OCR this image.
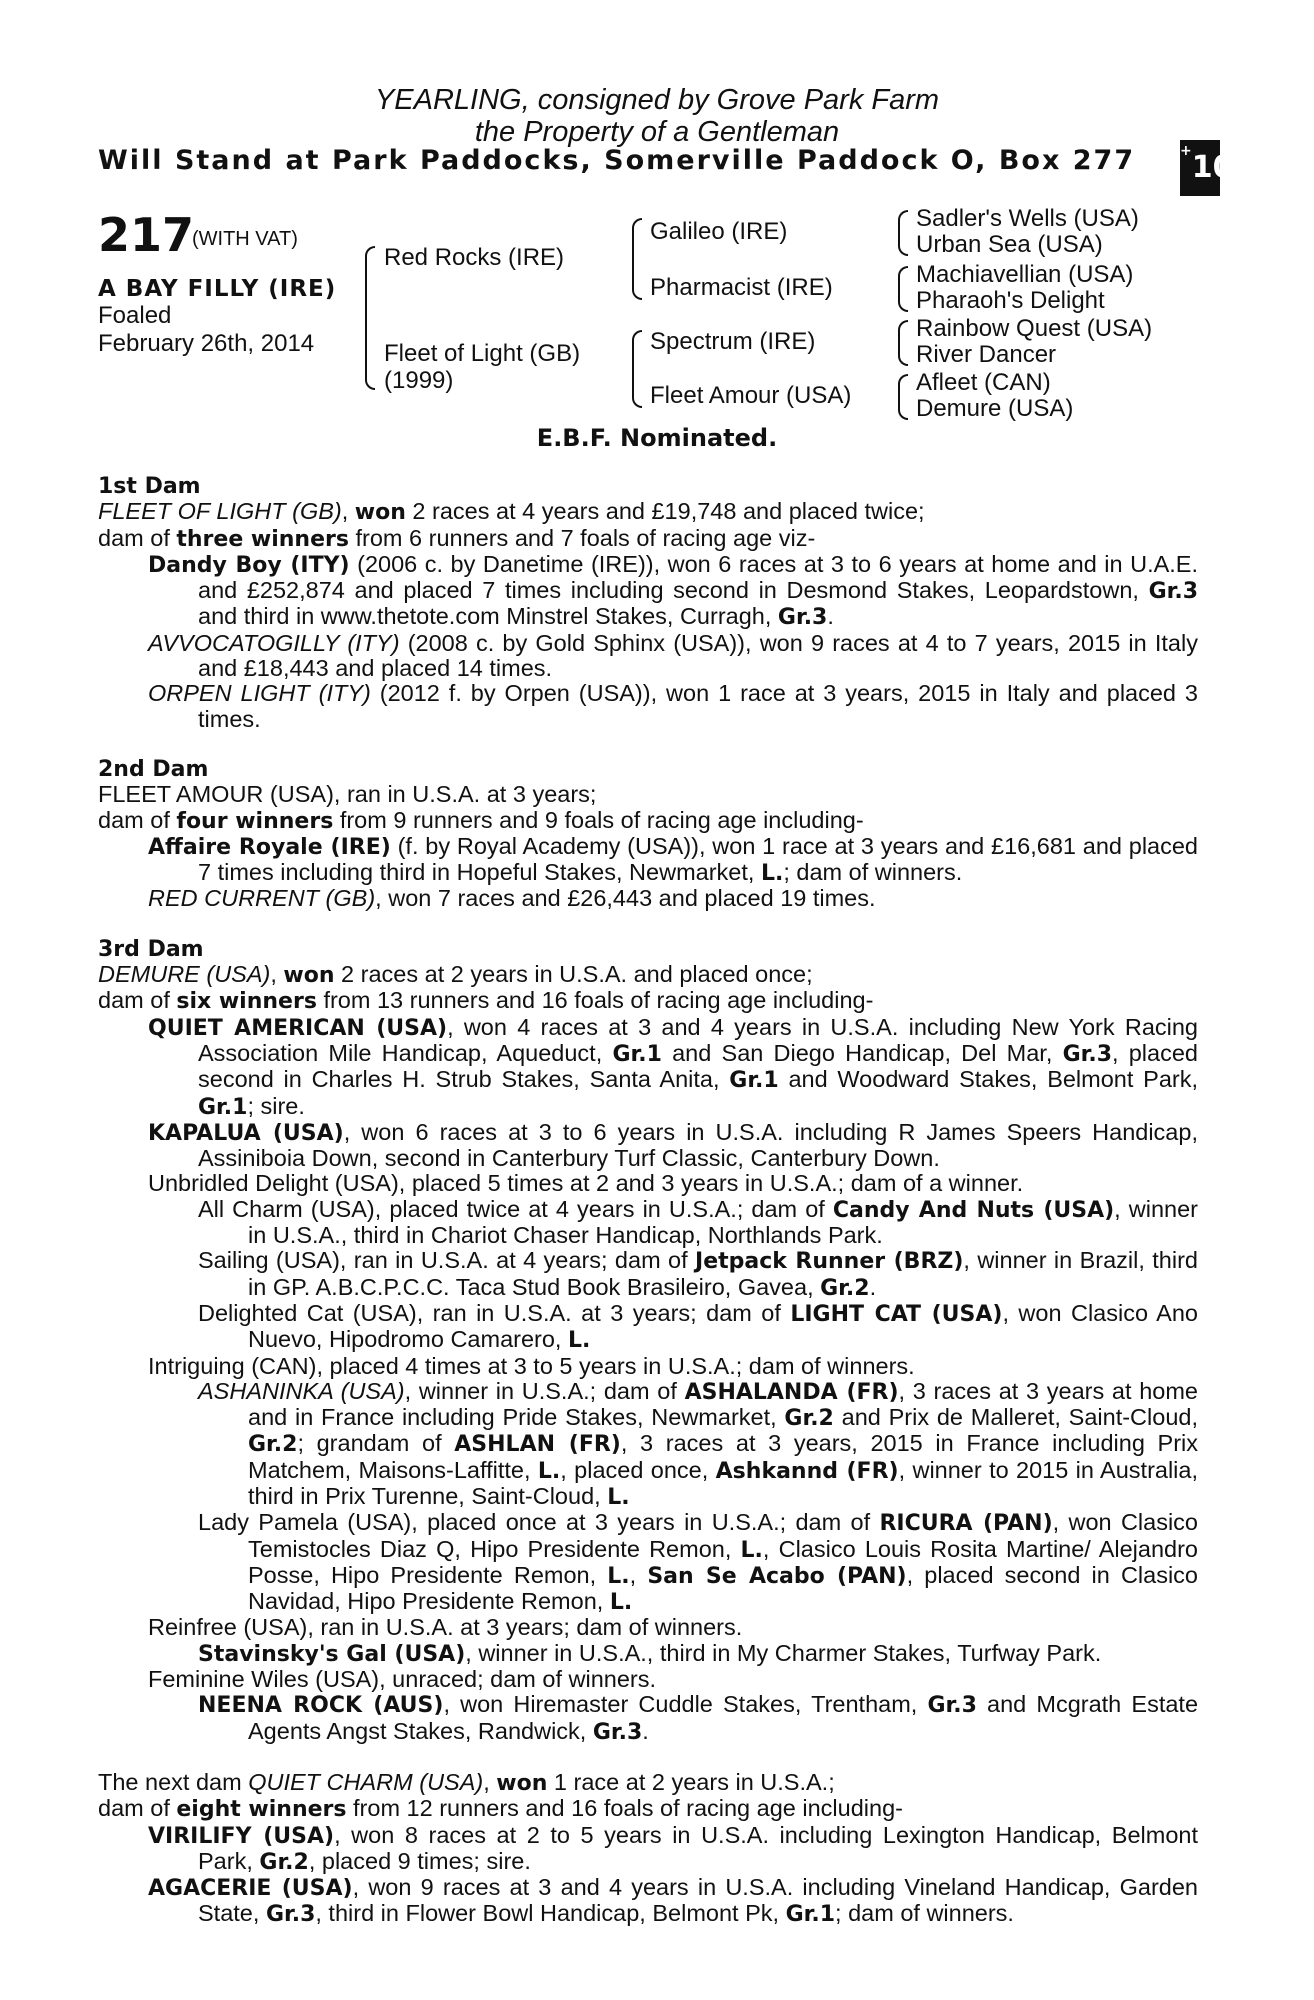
YEARLING, consigned by Grove Park Farm
the Property of a Gentleman
Will Stand at Park Paddocks, Somerville Paddock O, Box 277	+10
217
(WITH VAT)
A BAY FILLY (IRE)
Foaled
February 26th, 2014
Red Rocks (IRE)
Fleet of Light (GB)
(1999)
Galileo (IRE)
Pharmacist (IRE)
Spectrum (IRE)
Fleet Amour (USA)
Sadler's Wells (USA)
Urban Sea (USA)
Machiavellian (USA)
Pharaoh's Delight
Rainbow Quest (USA)
River Dancer
Afleet (CAN)
Demure (USA)
E.B.F. Nominated.

1st Dam

FLEET OF LIGHT (GB), won 2 races at 4 years and £19,748 and placed twice;

dam of three winners from 6 runners and 7 foals of racing age viz-

Dandy Boy (ITY) (2006 c. by Danetime (IRE)), won 6 races at 3 to 6 years at home and in U.A.E. and £252,874 and placed 7 times including second in Desmond Stakes, Leopardstown, Gr.3 and third in www.thetote.com Minstrel Stakes, Curragh, Gr.3.

AVVOCATOGILLY (ITY) (2008 c. by Gold Sphinx (USA)), won 9 races at 4 to 7 years, 2015 in Italy and £18,443 and placed 14 times.

ORPEN LIGHT (ITY) (2012 f. by Orpen (USA)), won 1 race at 3 years, 2015 in Italy and placed 3 times.

2nd Dam

FLEET AMOUR (USA), ran in U.S.A. at 3 years;

dam of four winners from 9 runners and 9 foals of racing age including-

Affaire Royale (IRE) (f. by Royal Academy (USA)), won 1 race at 3 years and £16,681 and placed 7 times including third in Hopeful Stakes, Newmarket, L.; dam of winners.

RED CURRENT (GB), won 7 races and £26,443 and placed 19 times.

3rd Dam

DEMURE (USA), won 2 races at 2 years in U.S.A. and placed once;

dam of six winners from 13 runners and 16 foals of racing age including-

QUIET AMERICAN (USA), won 4 races at 3 and 4 years in U.S.A. including New York Racing Association Mile Handicap, Aqueduct, Gr.1 and San Diego Handicap, Del Mar, Gr.3, placed second in Charles H. Strub Stakes, Santa Anita, Gr.1 and Woodward Stakes, Belmont Park, Gr.1; sire.

KAPALUA (USA), won 6 races at 3 to 6 years in U.S.A. including R James Speers Handicap, Assiniboia Down, second in Canterbury Turf Classic, Canterbury Down.

Unbridled Delight (USA), placed 5 times at 2 and 3 years in U.S.A.; dam of a winner.

All Charm (USA), placed twice at 4 years in U.S.A.; dam of Candy And Nuts (USA), winner in U.S.A., third in Chariot Chaser Handicap, Northlands Park.

Sailing (USA), ran in U.S.A. at 4 years; dam of Jetpack Runner (BRZ), winner in Brazil, third in GP. A.B.C.P.C.C. Taca Stud Book Brasileiro, Gavea, Gr.2.

Delighted Cat (USA), ran in U.S.A. at 3 years; dam of LIGHT CAT (USA), won Clasico Ano Nuevo, Hipodromo Camarero, L.

Intriguing (CAN), placed 4 times at 3 to 5 years in U.S.A.; dam of winners.

ASHANINKA (USA), winner in U.S.A.; dam of ASHALANDA (FR), 3 races at 3 years at home and in France including Pride Stakes, Newmarket, Gr.2 and Prix de Malleret, Saint-Cloud, Gr.2; grandam of ASHLAN (FR), 3 races at 3 years, 2015 in France including Prix Matchem, Maisons-Laffitte, L., placed once, Ashkannd (FR), winner to 2015 in Australia, third in Prix Turenne, Saint-Cloud, L.

Lady Pamela (USA), placed once at 3 years in U.S.A.; dam of RICURA (PAN), won Clasico Temistocles Diaz Q, Hipo Presidente Remon, L., Clasico Louis Rosita Martine/ Alejandro Posse, Hipo Presidente Remon, L., San Se Acabo (PAN), placed second in Clasico Navidad, Hipo Presidente Remon, L.

Reinfree (USA), ran in U.S.A. at 3 years; dam of winners.

Stavinsky's Gal (USA), winner in U.S.A., third in My Charmer Stakes, Turfway Park.

Feminine Wiles (USA), unraced; dam of winners.

NEENA ROCK (AUS), won Hiremaster Cuddle Stakes, Trentham, Gr.3 and Mcgrath Estate Agents Angst Stakes, Randwick, Gr.3.

The next dam QUIET CHARM (USA), won 1 race at 2 years in U.S.A.;

dam of eight winners from 12 runners and 16 foals of racing age including-

VIRILIFY (USA), won 8 races at 2 to 5 years in U.S.A. including Lexington Handicap, Belmont Park, Gr.2, placed 9 times; sire.

AGACERIE (USA), won 9 races at 3 and 4 years in U.S.A. including Vineland Handicap, Garden State, Gr.3, third in Flower Bowl Handicap, Belmont Pk, Gr.1; dam of winners.
